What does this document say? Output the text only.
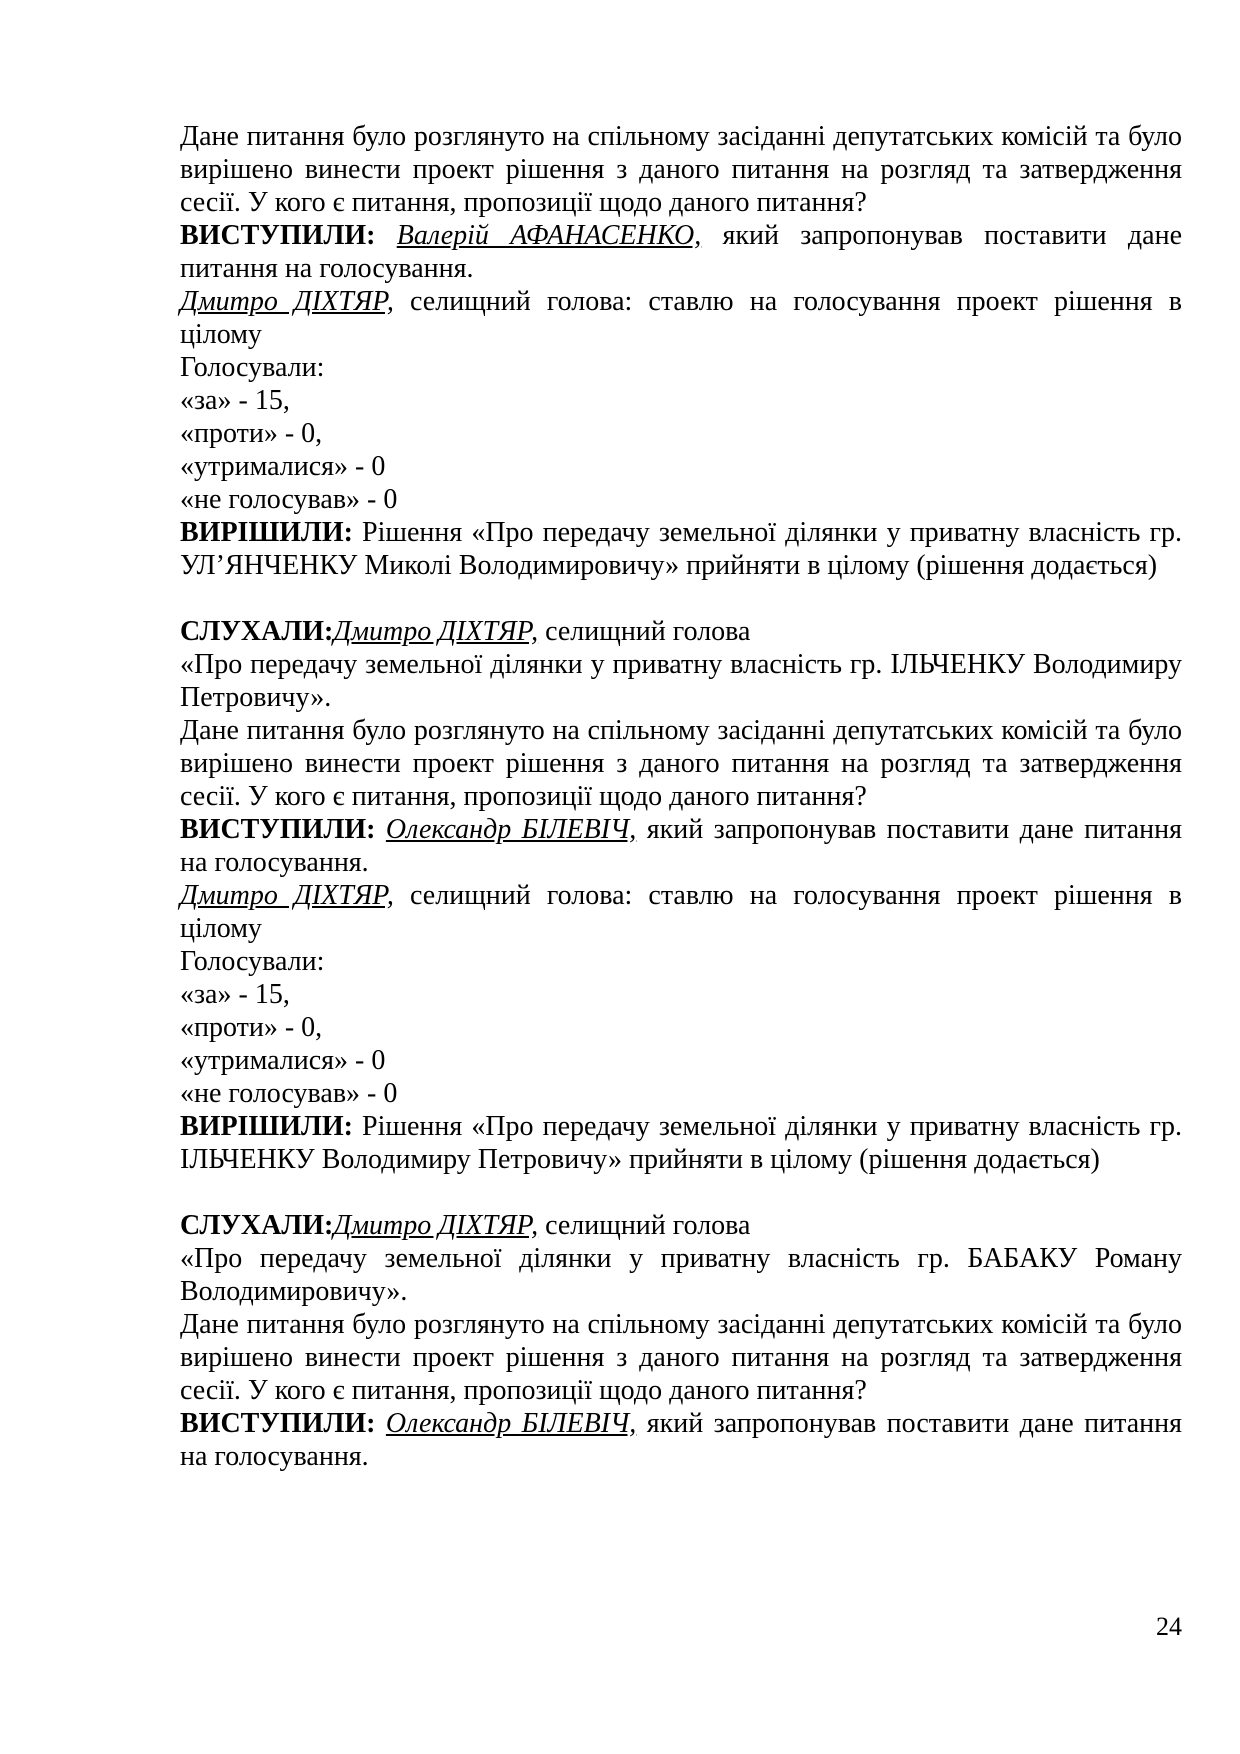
Дане питання було розглянуто на спільному засіданні депутатських комісій та було вирішено винести проект рішення з даного питання на розгляд та затвердження сесії. У кого є питання, пропозиції щодо даного питання?

ВИСТУПИЛИ: Валерій АФАНАСЕНКО, який запропонував поставити дане питання на голосування.

Дмитро ДІХТЯР, селищний голова: ставлю на голосування проект рішення в цілому

Голосували:

«за» - 15,

«проти» - 0,

«утрималися» - 0

«не голосував» - 0

ВИРІШИЛИ: Рішення «Про передачу земельної ділянки у приватну власність гр. УЛ’ЯНЧЕНКУ Миколі Володимировичу» прийняти в цілому (рішення додається)

СЛУХАЛИ:Дмитро ДІХТЯР, селищний голова

«Про передачу земельної ділянки у приватну власність гр. ІЛЬЧЕНКУ Володимиру Петровичу».

Дане питання було розглянуто на спільному засіданні депутатських комісій та було вирішено винести проект рішення з даного питання на розгляд та затвердження сесії. У кого є питання, пропозиції щодо даного питання?

ВИСТУПИЛИ: Олександр БІЛЕВІЧ, який запропонував поставити дане питання на голосування.

Дмитро ДІХТЯР, селищний голова: ставлю на голосування проект рішення в цілому

Голосували:

«за» - 15,

«проти» - 0,

«утрималися» - 0

«не голосував» - 0

ВИРІШИЛИ: Рішення «Про передачу земельної ділянки у приватну власність гр. ІЛЬЧЕНКУ Володимиру Петровичу» прийняти в цілому (рішення додається)

СЛУХАЛИ:Дмитро ДІХТЯР, селищний голова

«Про передачу земельної ділянки у приватну власність гр. БАБАКУ Роману Володимировичу».

Дане питання було розглянуто на спільному засіданні депутатських комісій та було вирішено винести проект рішення з даного питання на розгляд та затвердження сесії. У кого є питання, пропозиції щодо даного питання?

ВИСТУПИЛИ: Олександр БІЛЕВІЧ, який запропонував поставити дане питання на голосування.

24
